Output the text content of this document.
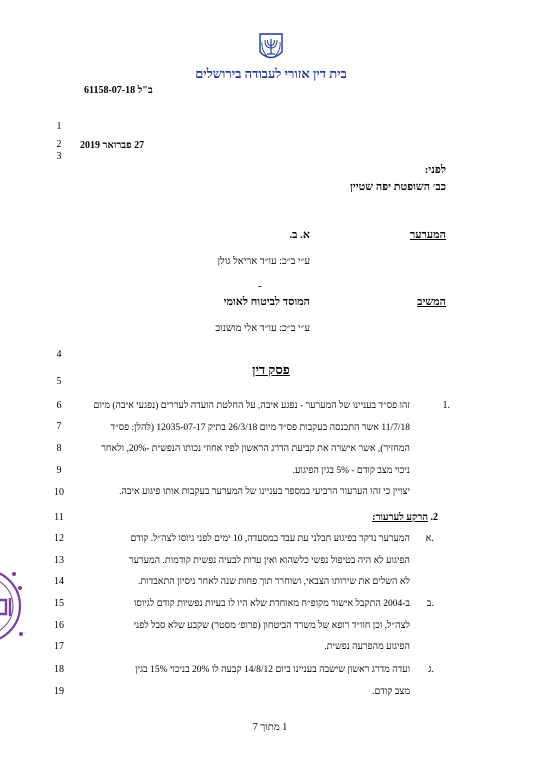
בית דין אזורי לעבודה בירושלים
ב"ל 61158-07-18
1
2
3
4
5
6
7
8
9
10
11
12
13
14
15
16
17
18
19
27 פברואר 2019
לפני:
כב׳ השופטת יפה שטיין
המערער
א. ב.
ע״י ב״כ: עו״ד אריאל גולן
-
המשיב
המוסד לביטוח לאומי
ע״י ב״כ: עו״ד אלי מושנוב
פסק דין
1.
זהו פס״ד בעניינו של המערער - נפגע איבה, על החלטת הועדה לעררים (נפגעי איבה) מיום
11/7/18 אשר התכנסה בעקבות פס״ד מיום 26/3/18 בתיק 12035-07-17 (להלן: פס״ד
המחזיר), אשר אישרה את קביעת הדרג הראשון לפיו אחוזי נכותו הנפשית -20%, ולאחר
ניכוי מצב קודם - 5% בגין הפיגוע.
יצויין כי זהו הערעור הרביעי במספר בעניינו של המערער בעקבות אותו פיגוע איבה.
2. הרקע לערעור:
א.
המערער נדקר בפיגוע חבלני עת עבד במסעדה, 10 ימים לפני גיוסו לצה״ל. קודם
הפיגוע לא היה בטיפול נפשי כלשהוא ואין עדות לבעיה נפשית קודמות. המערער
לא השלים את שירותו הצבאי, ושוחרר תוך פחות שנה לאחר ניסיון התאבדות.
ב.
ב-2004 התקבל אישור מקופ״ח מאוחדת שלא היו לו בעיות נפשיות קודם לגיוסו
לצה״ל, וכן חוו״ד רופא של משרד הביטחון (פרופ׳ מסטר) שקבע שלא סבל לפני
הפיגוע מהפרעה נפשית.
ג.
ועדה מדרג ראשון שישבה בעניינו ביום 14/8/12 קבעה לו 20% בניכוי 15% בגין
מצב קודם.
1 מתוך 7
